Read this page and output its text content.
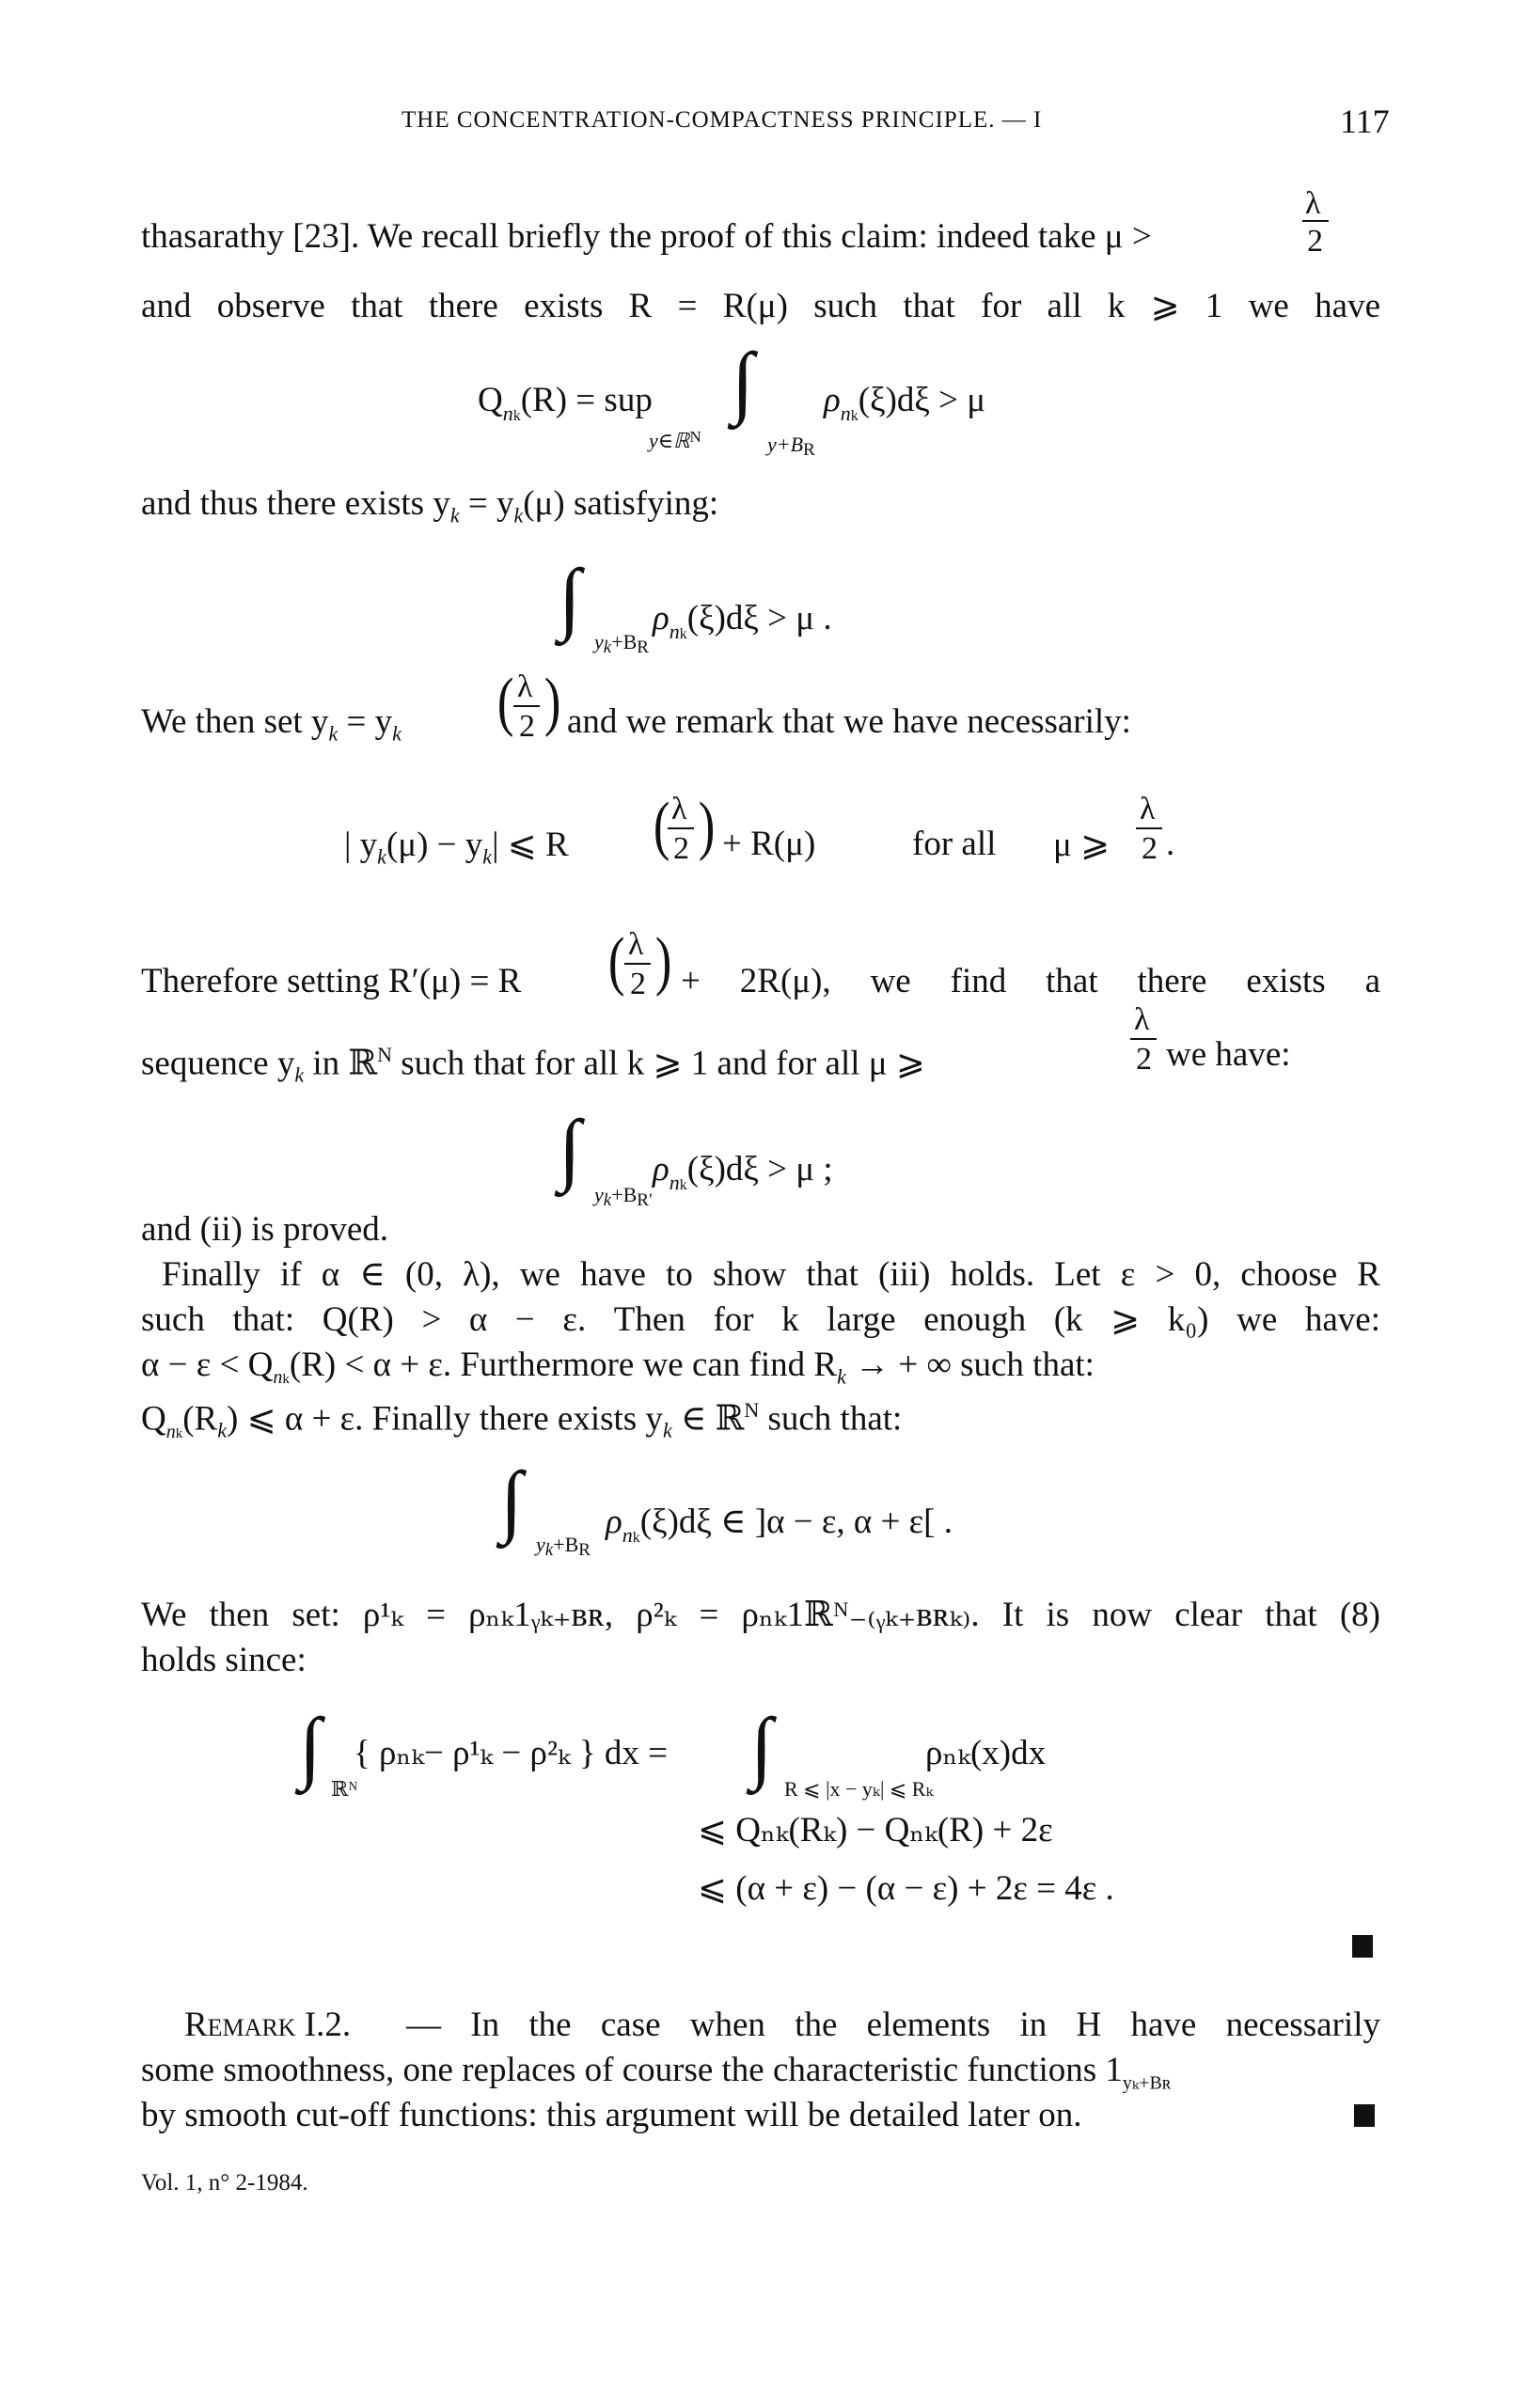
THE CONCENTRATION-COMPACTNESS PRINCIPLE. — I	117
thasarathy [23]. We recall briefly the proof of this claim: indeed take μ >
λ
2
and observe that there exists R = R(μ) such that for all k ⩾ 1 we have
$Q_{nk}(R)$ = sup
y∈ℝ$^N$
∫
y+BR
$\rho_{nk}(\xi)d\xi > \mu$
and thus there exists $y_k = y_k(\mu)$ satisfying:
∫ $\rho_{nk}(\xi)d\xi > \mu$ .
yk+BR
We then set $y_k = y_k$ ( λ
2 ) and we remark that we have necessarily:
| $y_k(\mu) - y_k|$ ⩽ R ( λ
2 ) + R(μ)	for all μ ⩾
λ
2 .
Therefore setting R′(μ) = R ( λ
2 ) + 2R(μ), we find that there exists a
sequence $y_k$ in ℝ$^N$ such that for all k ⩾ 1 and for all μ ⩾
λ
2 we have:
∫ $\rho_{nk}(\xi)d\xi > \mu$ ;
yk+BR′
and (ii) is proved.
Finally if α ∈ (0, λ), we have to show that (iii) holds. Let ε > 0, choose R
such that: Q(R) > α − ε. Then for k large enough (k ⩾ k₀) we have:
$\alpha - \varepsilon < Q_{nk}(R) < \alpha + \varepsilon$. Furthermore we can find $R_k$ → + ∞ such that:
$Q_{nk}(R_k)$ ⩽ α + ε. Finally there exists $y_k$ ∈ ℝ$^N$ such that:
∫ $\rho_{nk}(\xi)d\xi$ ∈ ]α − ε, α + ε[ .
yk+BR
We then set: ρ¹ₖ = ρₙₖ1ᵧₖ₊ʙʀ, ρ²ₖ = ρₙₖ1ℝᴺ₋₍ᵧₖ₊ʙʀₖ₎. It is now clear that (8)
holds since:
∫ ℝᴺ
{ ρₙₖ− ρ¹ₖ − ρ²ₖ } dx = ∫ R ⩽ |x − yₖ| ⩽ Rₖ
ρₙₖ(x)dx
⩽ Qₙₖ(Rₖ) − Qₙₖ(R) + 2ε
⩽ (α + ε) − (α − ε) + 2ε = 4ε .
Remark I.2. — In the case when the elements in H have necessarily
some smoothness, one replaces of course the characteristic functions $1_{y_k+Bʀ}$
by smooth cut-off functions: this argument will be detailed later on.
Vol. 1, n° 2-1984.
